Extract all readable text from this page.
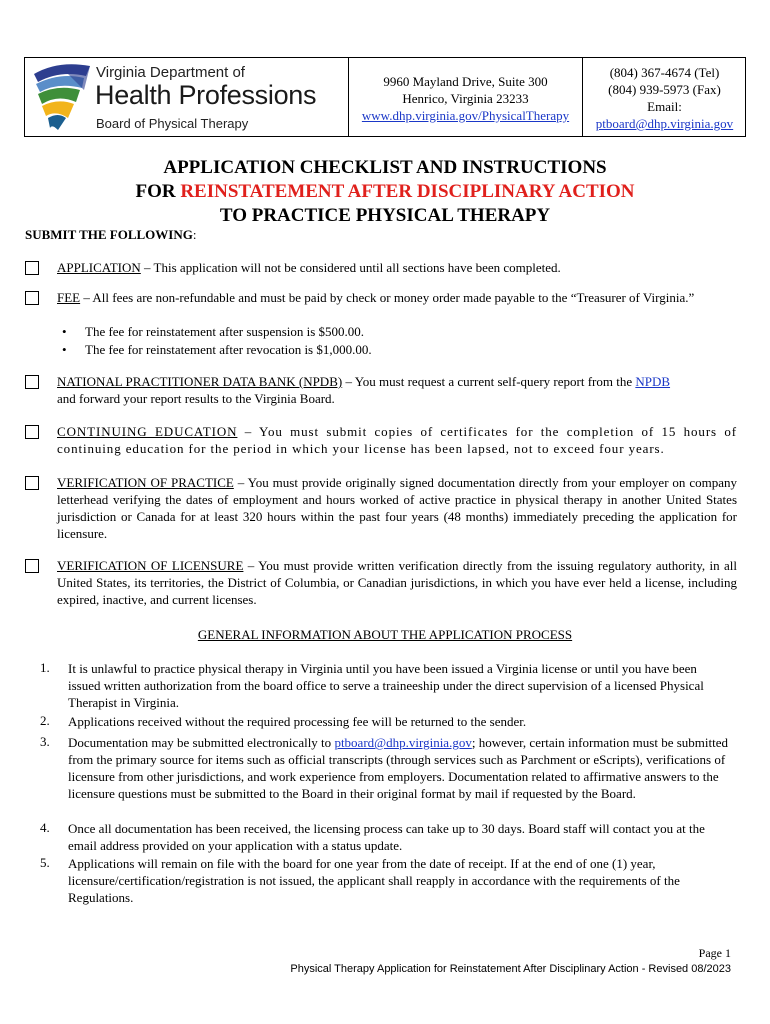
Virginia Department of
Health Professions
Board of Physical Therapy
9960 Mayland Drive, Suite 300
Henrico, Virginia 23233
www.dhp.virginia.gov/PhysicalTherapy
(804) 367-4674 (Tel)
(804) 939-5973 (Fax)
Email:
ptboard@dhp.virginia.gov
APPLICATION CHECKLIST AND INSTRUCTIONS
FOR REINSTATEMENT AFTER DISCIPLINARY ACTION
TO PRACTICE PHYSICAL THERAPY
SUBMIT THE FOLLOWING:
APPLICATION – This application will not be considered until all sections have been completed.
FEE – All fees are non-refundable and must be paid by check or money order made payable to the “Treasurer of Virginia.”
• The fee for reinstatement after suspension is $500.00.
• The fee for reinstatement after revocation is $1,000.00.
NATIONAL PRACTITIONER DATA BANK (NPDB) – You must request a current self-query report from the NPDB
and forward your report results to the Virginia Board.
CONTINUING EDUCATION – You must submit copies of certificates for the completion of 15 hours of continuing education for the period in which your license has been lapsed, not to exceed four years.
VERIFICATION OF PRACTICE – You must provide originally signed documentation directly from your employer on company letterhead verifying the dates of employment and hours worked of active practice in physical therapy in another United States jurisdiction or Canada for at least 320 hours within the past four years (48 months) immediately preceding the application for licensure.
VERIFICATION OF LICENSURE – You must provide written verification directly from the issuing regulatory authority, in all United States, its territories, the District of Columbia, or Canadian jurisdictions, in which you have ever held a license, including expired, inactive, and current licenses.
GENERAL INFORMATION ABOUT THE APPLICATION PROCESS
1. It is unlawful to practice physical therapy in Virginia until you have been issued a Virginia license or until you have been issued written authorization from the board office to serve a traineeship under the direct supervision of a licensed Physical Therapist in Virginia.
2. Applications received without the required processing fee will be returned to the sender.
3. Documentation may be submitted electronically to ptboard@dhp.virginia.gov; however, certain information must be submitted from the primary source for items such as official transcripts (through services such as Parchment or eScripts), verifications of licensure from other jurisdictions, and work experience from employers. Documentation related to affirmative answers to the licensure questions must be submitted to the Board in their original format by mail if requested by the Board.
4. Once all documentation has been received, the licensing process can take up to 30 days. Board staff will contact you at the email address provided on your application with a status update.
5. Applications will remain on file with the board for one year from the date of receipt. If at the end of one (1) year, licensure/certification/registration is not issued, the applicant shall reapply in accordance with the requirements of the Regulations.
Page 1
Physical Therapy Application for Reinstatement After Disciplinary Action - Revised 08/2023
